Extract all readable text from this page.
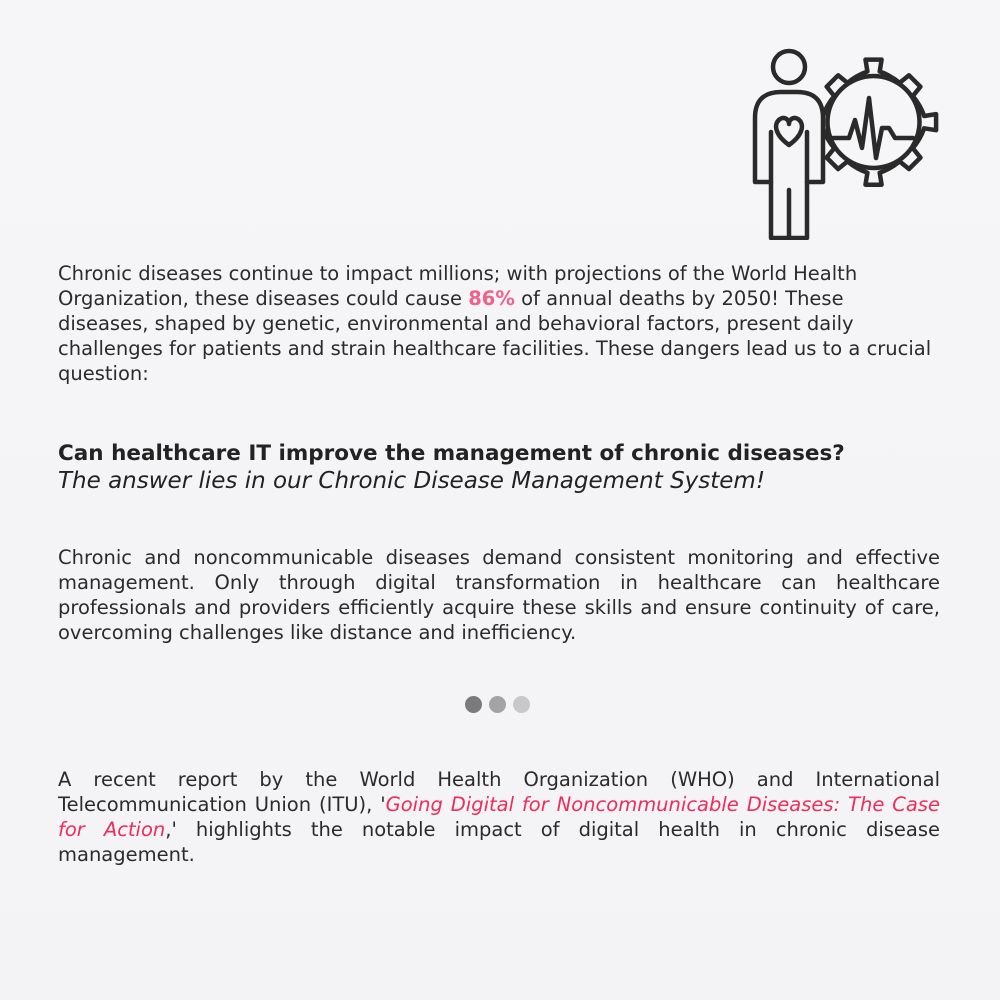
Chronic diseases continue to impact millions; with projections of the World Health Organization, these diseases could cause 86% of annual deaths by 2050! These diseases, shaped by genetic, environmental and behavioral factors, present daily challenges for patients and strain healthcare facilities. These dangers lead us to a crucial question:

Can healthcare IT improve the management of chronic diseases?
The answer lies in our Chronic Disease Management System!

Chronic and noncommunicable diseases demand consistent monitoring and effective management. Only through digital transformation in healthcare can healthcare professionals and providers efficiently acquire these skills and ensure continuity of care, overcoming challenges like distance and inefficiency.

A recent report by the World Health Organization (WHO) and International Telecommunication Union (ITU), 'Going Digital for Noncommunicable Diseases: The Case for Action,' highlights the notable impact of digital health in chronic disease management.
